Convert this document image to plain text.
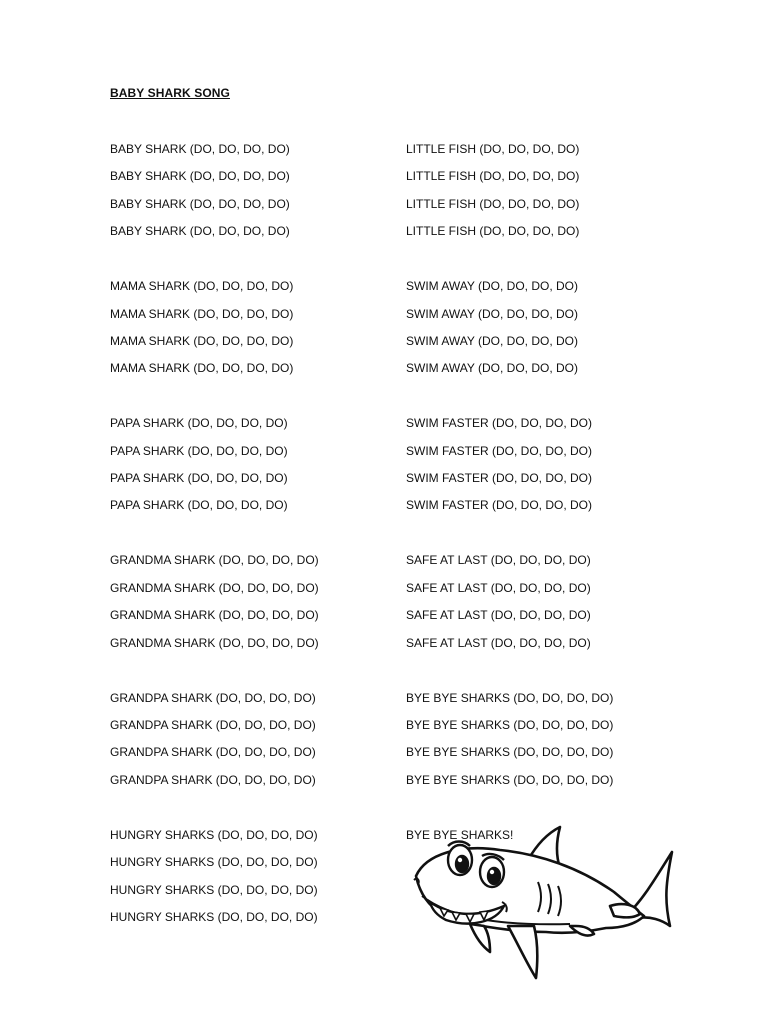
BABY SHARK SONG
BABY SHARK (DO, DO, DO, DO)
BABY SHARK (DO, DO, DO, DO)
BABY SHARK (DO, DO, DO, DO)
BABY SHARK (DO, DO, DO, DO)
MAMA SHARK (DO, DO, DO, DO)
MAMA SHARK (DO, DO, DO, DO)
MAMA SHARK (DO, DO, DO, DO)
MAMA SHARK (DO, DO, DO, DO)
PAPA SHARK (DO, DO, DO, DO)
PAPA SHARK (DO, DO, DO, DO)
PAPA SHARK (DO, DO, DO, DO)
PAPA SHARK (DO, DO, DO, DO)
GRANDMA SHARK (DO, DO, DO, DO)
GRANDMA SHARK (DO, DO, DO, DO)
GRANDMA SHARK (DO, DO, DO, DO)
GRANDMA SHARK (DO, DO, DO, DO)
GRANDPA SHARK (DO, DO, DO, DO)
GRANDPA SHARK (DO, DO, DO, DO)
GRANDPA SHARK (DO, DO, DO, DO)
GRANDPA SHARK (DO, DO, DO, DO)
HUNGRY SHARKS (DO, DO, DO, DO)
HUNGRY SHARKS (DO, DO, DO, DO)
HUNGRY SHARKS (DO, DO, DO, DO)
HUNGRY SHARKS (DO, DO, DO, DO)
LITTLE FISH (DO, DO, DO, DO)
LITTLE FISH (DO, DO, DO, DO)
LITTLE FISH (DO, DO, DO, DO)
LITTLE FISH (DO, DO, DO, DO)
SWIM AWAY (DO, DO, DO, DO)
SWIM AWAY (DO, DO, DO, DO)
SWIM AWAY (DO, DO, DO, DO)
SWIM AWAY (DO, DO, DO, DO)
SWIM FASTER (DO, DO, DO, DO)
SWIM FASTER (DO, DO, DO, DO)
SWIM FASTER (DO, DO, DO, DO)
SWIM FASTER (DO, DO, DO, DO)
SAFE AT LAST (DO, DO, DO, DO)
SAFE AT LAST (DO, DO, DO, DO)
SAFE AT LAST (DO, DO, DO, DO)
SAFE AT LAST (DO, DO, DO, DO)
BYE BYE SHARKS (DO, DO, DO, DO)
BYE BYE SHARKS (DO, DO, DO, DO)
BYE BYE SHARKS (DO, DO, DO, DO)
BYE BYE SHARKS (DO, DO, DO, DO)
BYE BYE SHARKS!
